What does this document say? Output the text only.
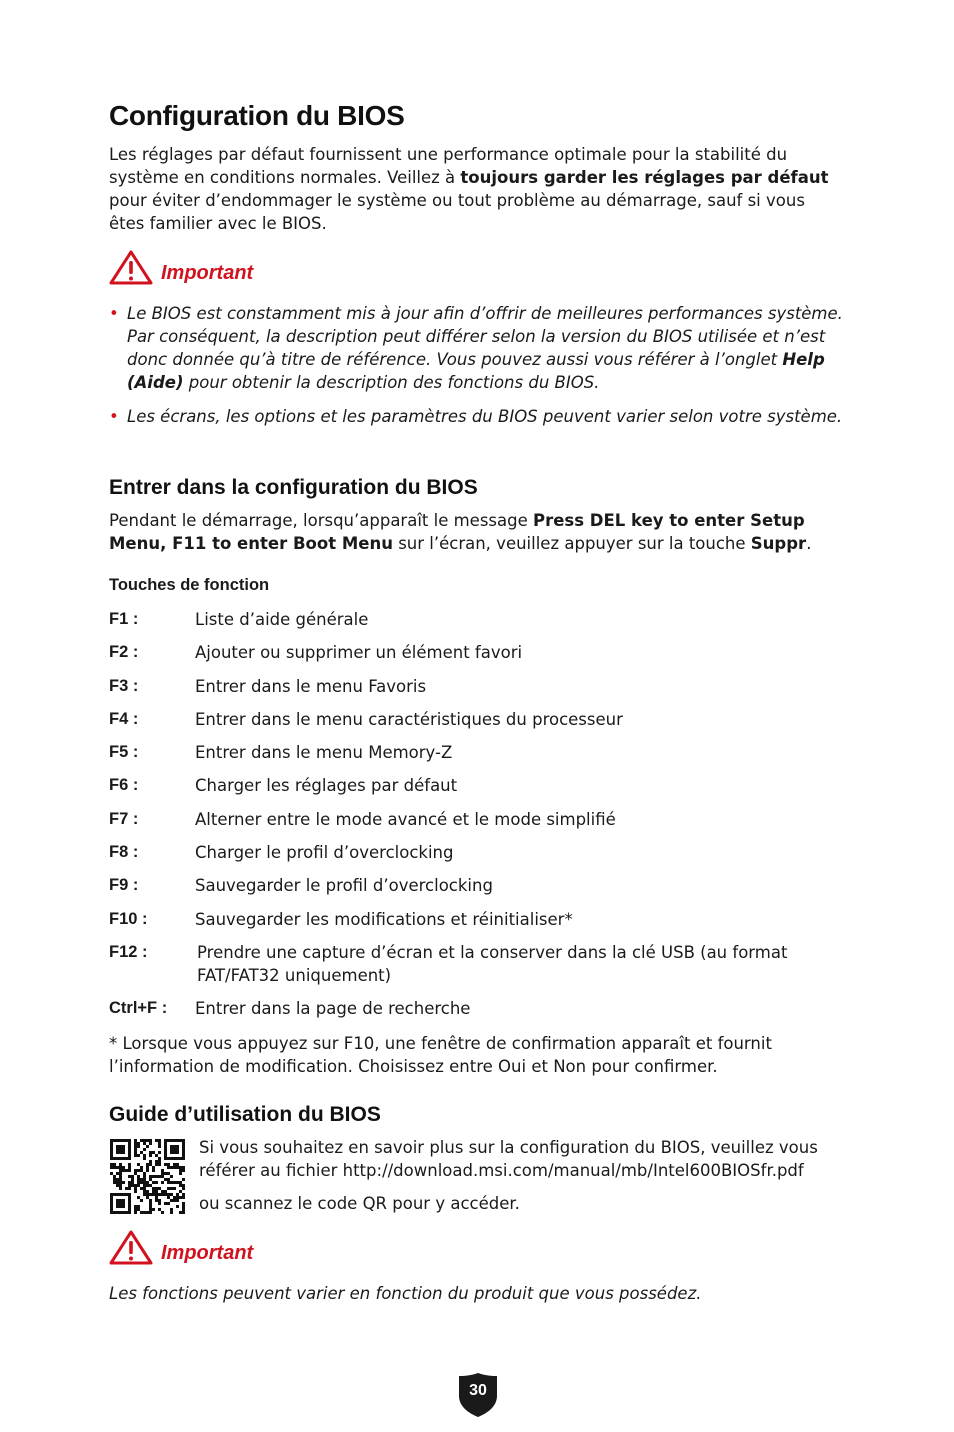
Configuration du BIOS

Les réglages par défaut fournissent une performance optimale pour la stabilité du système en conditions normales. Veillez à toujours garder les réglages par défaut pour éviter d’endommager le système ou tout problème au démarrage, sauf si vous êtes familier avec le BIOS.

Important
• Le BIOS est constamment mis à jour afin d’offrir de meilleures performances système. Par conséquent, la description peut différer selon la version du BIOS utilisée et n’est donc donnée qu’à titre de référence. Vous pouvez aussi vous référer à l’onglet Help (Aide) pour obtenir la description des fonctions du BIOS.
• Les écrans, les options et les paramètres du BIOS peuvent varier selon votre système.
Entrer dans la configuration du BIOS

Pendant le démarrage, lorsqu’apparaît le message Press DEL key to enter Setup Menu, F11 to enter Boot Menu sur l’écran, veuillez appuyer sur la touche Suppr.

Touches de fonction
F1 :	Liste d’aide générale
F2 :	Ajouter ou supprimer un élément favori
F3 :	Entrer dans le menu Favoris
F4 :	Entrer dans le menu caractéristiques du processeur
F5 :	Entrer dans le menu Memory-Z
F6 :	Charger les réglages par défaut
F7 :	Alterner entre le mode avancé et le mode simplifié
F8 :	Charger le profil d’overclocking
F9 :	Sauvegarder le profil d’overclocking
F10 :	Sauvegarder les modifications et réinitialiser*
F12 :	Prendre une capture d’écran et la conserver dans la clé USB (au format FAT/FAT32 uniquement)
Ctrl+F :	Entrer dans la page de recherche

* Lorsque vous appuyez sur F10, une fenêtre de confirmation apparaît et fournit l’information de modification. Choisissez entre Oui et Non pour confirmer.

Guide d’utilisation du BIOS

Si vous souhaitez en savoir plus sur la configuration du BIOS, veuillez vous référer au fichier http://download.msi.com/manual/mb/Intel600BIOSfr.pdf

ou scannez le code QR pour y accéder.

Important

Les fonctions peuvent varier en fonction du produit que vous possédez.

30
